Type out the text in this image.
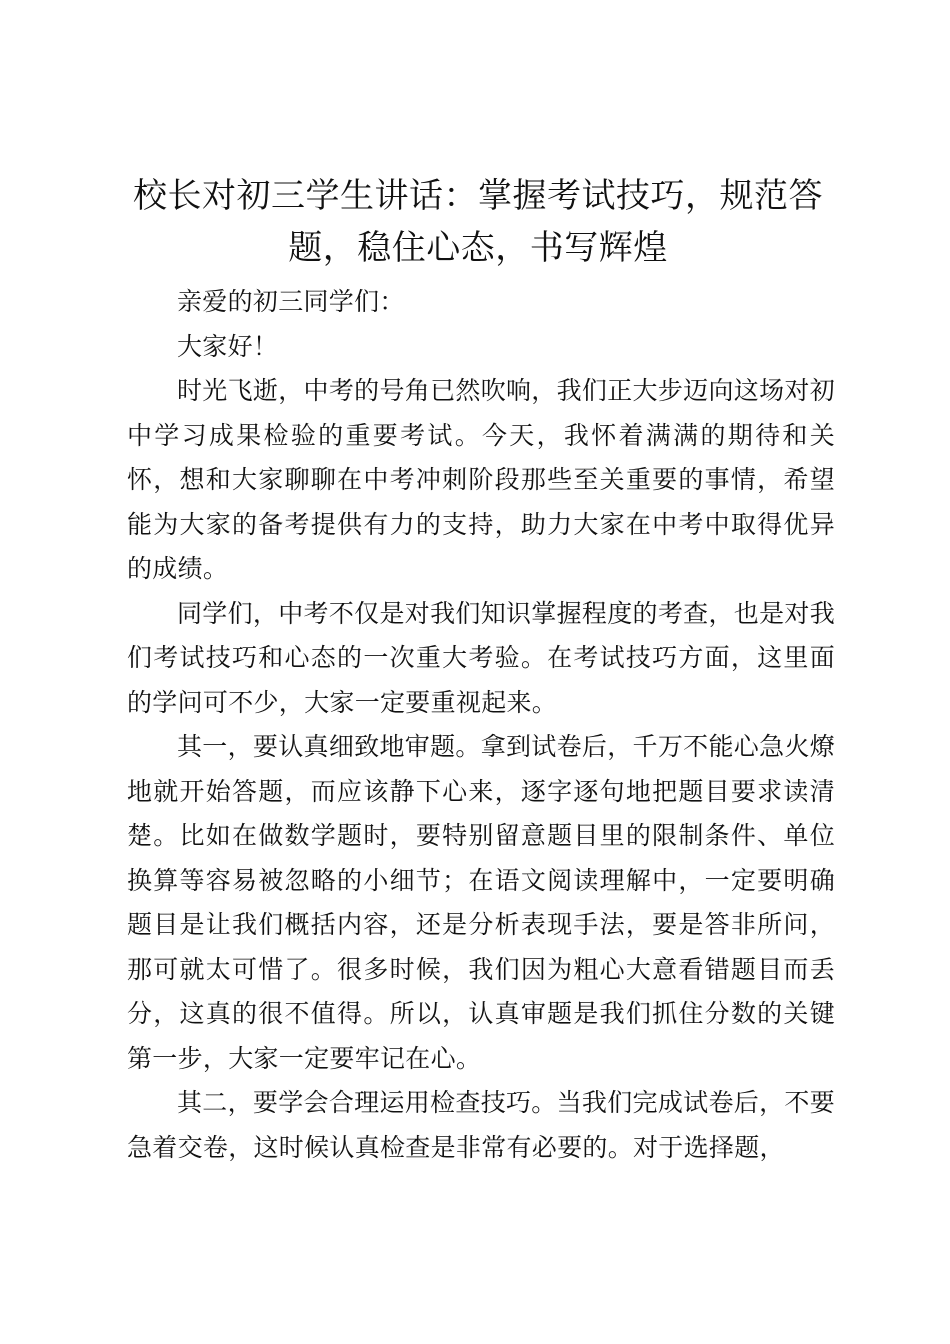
校长对初三学生讲话：掌握考试技巧，规范答题，稳住心态，书写辉煌

亲爱的初三同学们：

大家好！

时光飞逝，中考的号角已然吹响，我们正大步迈向这场对初中学习成果检验的重要考试。今天，我怀着满满的期待和关怀，想和大家聊聊在中考冲刺阶段那些至关重要的事情，希望能为大家的备考提供有力的支持，助力大家在中考中取得优异的成绩。

同学们，中考不仅是对我们知识掌握程度的考查，也是对我们考试技巧和心态的一次重大考验。在考试技巧方面，这里面的学问可不少，大家一定要重视起来。

其一，要认真细致地审题。拿到试卷后，千万不能心急火燎地就开始答题，而应该静下心来，逐字逐句地把题目要求读清楚。比如在做数学题时，要特别留意题目里的限制条件、单位换算等容易被忽略的小细节；在语文阅读理解中，一定要明确题目是让我们概括内容，还是分析表现手法，要是答非所问，那可就太可惜了。很多时候，我们因为粗心大意看错题目而丢分，这真的很不值得。所以，认真审题是我们抓住分数的关键第一步，大家一定要牢记在心。

其二，要学会合理运用检查技巧。当我们完成试卷后，不要急着交卷，这时候认真检查是非常有必要的。对于选择题，
